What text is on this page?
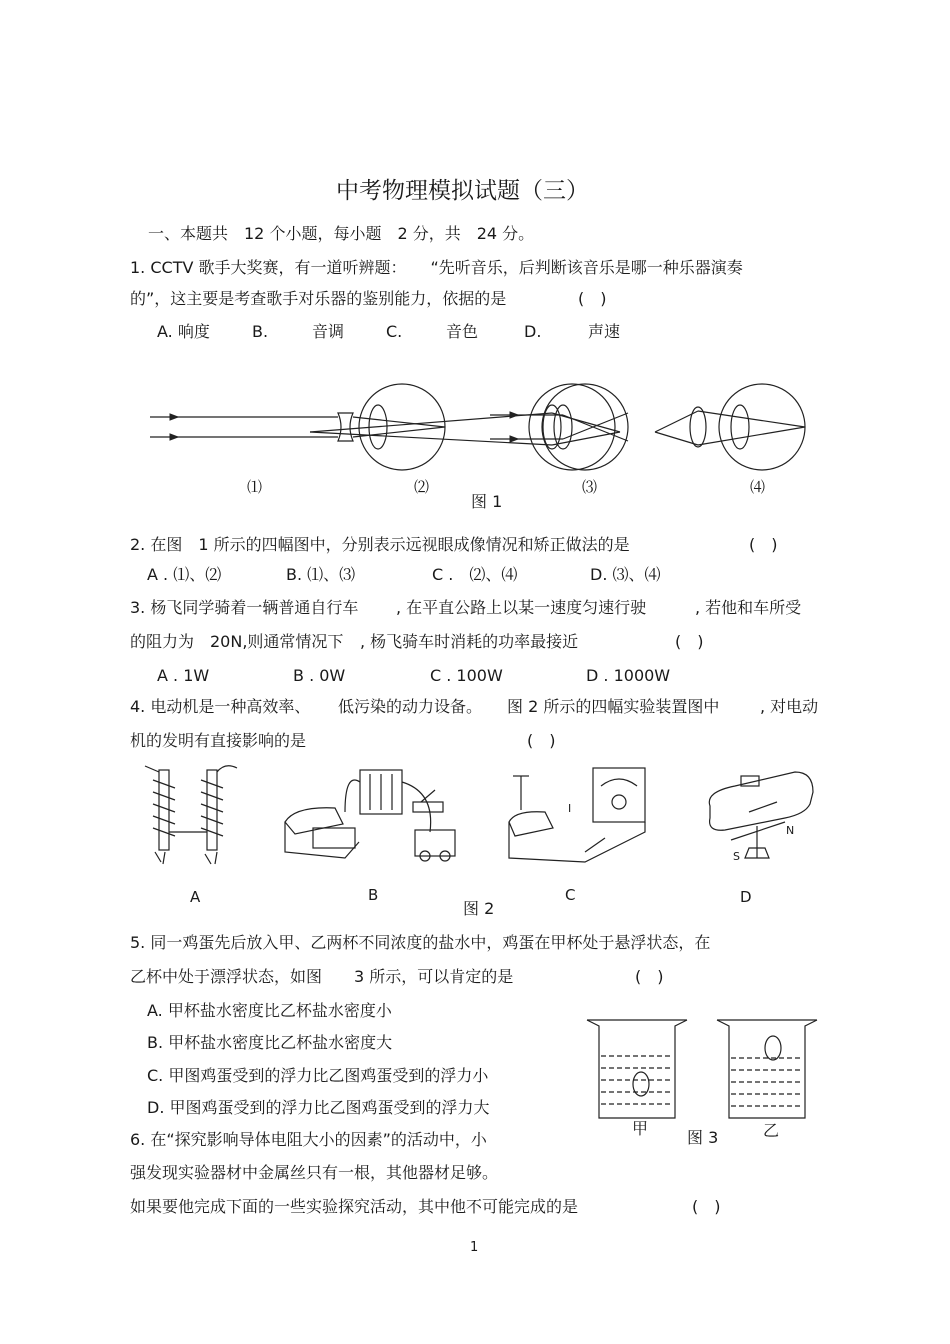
中考物理模拟试题（三）
一、本题共　12 个小题，每小题　2 分，共　24 分。
1. CCTV 歌手大奖赛，有一道听辨题：　　“先听音乐，后判断该音乐是哪一种乐器演奏
的”，这主要是考查歌手对乐器的鉴别能力，依据的是	(　)
A. 响度	B.	音调	C.	音色	D.	声速
⑴	⑵	⑶	⑷
图 1
2. 在图　1 所示的四幅图中，分别表示远视眼成像情况和矫正做法的是	(　)
A . ⑴、⑵	B. ⑴、⑶	C .　⑵、⑷	D. ⑶、⑷
3. 杨飞同学骑着一辆普通自行车 , 在平直公路上以某一速度匀速行驶	, 若他和车所受
的阻力为　20N,则通常情况下 , 杨飞骑车时消耗的功率最接近	(　)
A . 1W	B . 0W	C . 100W	D . 1000W
4. 电动机是一种高效率、 低污染的动力设备。 图 2 所示的四幅实验装置图中	, 对电动
机的发明有直接影响的是	(　)
I
N
S
A	B	C	D
图 2
5. 同一鸡蛋先后放入甲、乙两杯不同浓度的盐水中，鸡蛋在甲杯处于悬浮状态，在
乙杯中处于漂浮状态，如图　　3 所示，可以肯定的是	(　)
A. 甲杯盐水密度比乙杯盐水密度小
B. 甲杯盐水密度比乙杯盐水密度大
C. 甲图鸡蛋受到的浮力比乙图鸡蛋受到的浮力小
D. 甲图鸡蛋受到的浮力比乙图鸡蛋受到的浮力大
甲 图 3	乙
6. 在“探究影响导体电阻大小的因素”的活动中，小
强发现实验器材中金属丝只有一根，其他器材足够。
如果要他完成下面的一些实验探究活动，其中他不可能完成的是	(　)
1
